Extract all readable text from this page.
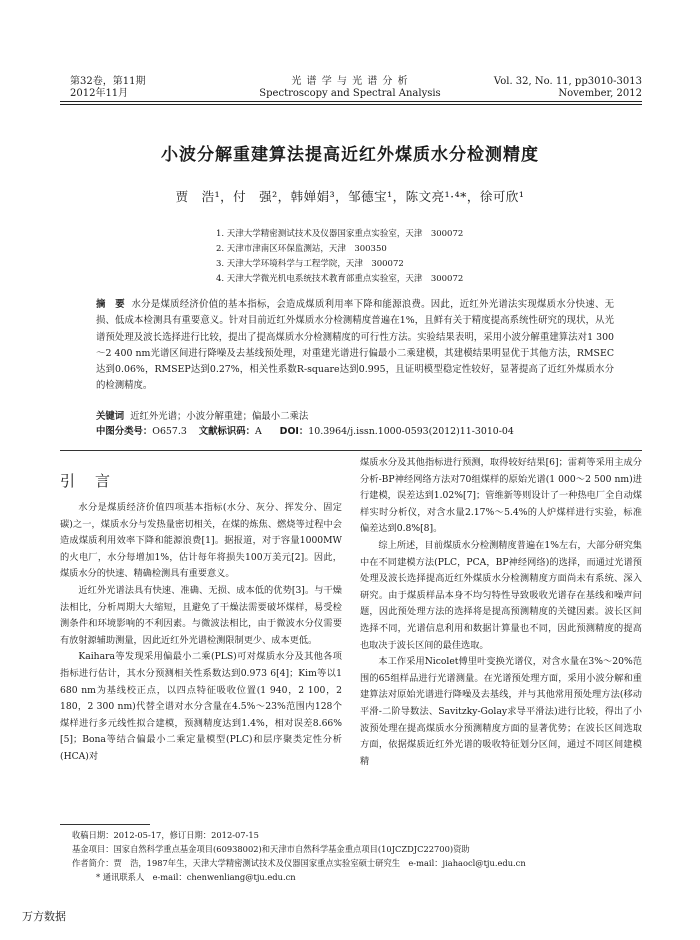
第32卷，第11期
2012年11月
光 谱 学 与 光 谱 分 析
Spectroscopy and Spectral Analysis
Vol. 32, No. 11, pp3010-3013
November, 2012
小波分解重建算法提高近红外煤质水分检测精度
贾　浩¹，付　强²，韩婵娟³，邹德宝¹，陈文亮¹·⁴*，徐可欣¹
1. 天津大学精密测试技术及仪器国家重点实验室，天津　300072
2. 天津市津南区环保监测站，天津　300350
3. 天津大学环境科学与工程学院，天津　300072
4. 天津大学微光机电系统技术教育部重点实验室，天津　300072
摘　要 水分是煤质经济价值的基本指标，会造成煤质利用率下降和能源浪费。因此，近红外光谱法实现煤质水分快速、无损、低成本检测具有重要意义。针对目前近红外煤质水分检测精度普遍在1%，且鲜有关于精度提高系统性研究的现状，从光谱预处理及波长选择进行比较，提出了提高煤质水分检测精度的可行性方法。实验结果表明，采用小波分解重建算法对1 300～2 400 nm光谱区间进行降噪及去基线预处理，对重建光谱进行偏最小二乘建模，其建模结果明显优于其他方法，RMSEC达到0.06%，RMSEP达到0.27%，相关性系数R-square达到0.995，且证明模型稳定性较好，显著提高了近红外煤质水分的检测精度。
关键词 近红外光谱；小波分解重建；偏最小二乘法
中图分类号：O657.3 文献标识码：A DOI：10.3964/j.issn.1000-0593(2012)11-3010-04
引言

水分是煤质经济价值四项基本指标(水分、灰分、挥发分、固定碳)之一，煤质水分与发热量密切相关，在煤的炼焦、燃烧等过程中会造成煤质利用效率下降和能源浪费[1]。据报道，对于容量1000MW的火电厂，水分每增加1%，估计每年将损失100万美元[2]。因此，煤质水分的快速、精确检测具有重要意义。

近红外光谱法具有快速、准确、无损、成本低的优势[3]。与干燥法相比，分析周期大大缩短，且避免了干燥法需要破坏煤样，易受检测条件和环境影响的不利因素。与微波法相比，由于微波水分仪需要有放射源辅助测量，因此近红外光谱检测限制更少、成本更低。

Kaihara等发现采用偏最小二乘(PLS)可对煤质水分及其他各项指标进行估计，其水分预测相关性系数达到0.973 6[4]；Kim等以1 680 nm为基线校正点，以四点特征吸收位置(1 940，2 100，2 180，2 300 nm)代替全谱对水分含量在4.5%～23%范围内128个煤样进行多元线性拟合建模，预测精度达到1.4%，相对误差8.66%[5]；Bona等结合偏最小二乘定量模型(PLC)和层序聚类定性分析(HCA)对

煤质水分及其他指标进行预测，取得较好结果[6]；雷莉等采用主成分分析-BP神经网络方法对70组煤样的原始光谱(1 000～2 500 nm)进行建模，误差达到1.02%[7]；管维新等则设计了一种热电厂全自动煤样实时分析仪，对含水量2.17%～5.4%的人炉煤样进行实验，标准偏差达到0.8%[8]。

综上所述，目前煤质水分检测精度普遍在1%左右，大部分研究集中在不同建模方法(PLC，PCA，BP神经网络)的选择，而通过光谱预处理及波长选择提高近红外煤质水分检测精度方面尚未有系统、深入研究。由于煤质样品本身不均匀特性导致吸收光谱存在基线和噪声问题，因此预处理方法的选择将是提高预测精度的关键因素。波长区间选择不同，光谱信息利用和数据计算量也不同，因此预测精度的提高也取决于波长区间的最佳选取。

本工作采用Nicolet傅里叶变换光谱仪，对含水量在3%～20%范围的65组样品进行光谱测量。在光谱预处理方面，采用小波分解和重建算法对原始光谱进行降噪及去基线，并与其他常用预处理方法(移动平滑-二阶导数法、Savitzky-Golay求导平滑法)进行比较，得出了小波预处理在提高煤质水分预测精度方面的显著优势；在波长区间选取方面，依据煤质近红外光谱的吸收特征划分区间，通过不同区间建模精

收稿日期：2012-05-17，修订日期：2012-07-15
基金项目：国家自然科学重点基金项目(60938002)和天津市自然科学基金重点项目(10JCZDJC22700)资助
作者简介：贾　浩，1987年生，天津大学精密测试技术及仪器国家重点实验室硕士研究生　e-mail：jiahaocl@tju.edu.cn
* 通讯联系人　e-mail：chenwenliang@tju.edu.cn
万方数据
